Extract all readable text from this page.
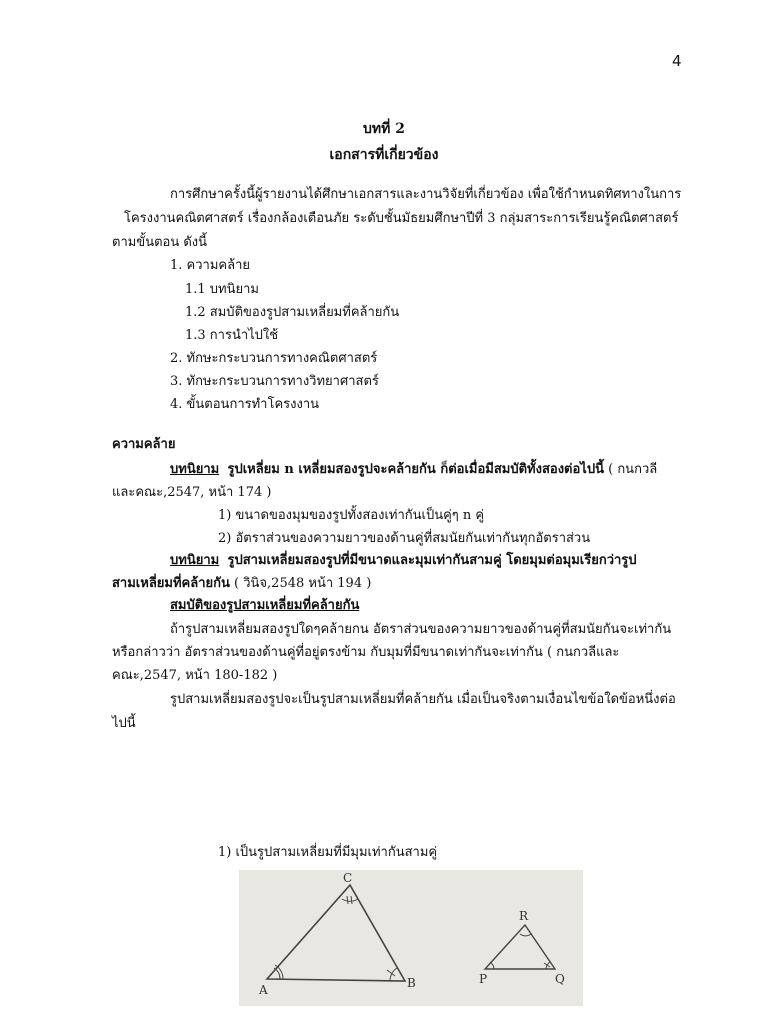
4
บทที่ 2
เอกสารที่เกี่ยวข้อง
การศึกษาครั้งนี้ผู้รายงานได้ศึกษาเอกสารและงานวิจัยที่เกี่ยวข้อง เพื่อใช้กำหนดทิศทางในการ
โครงงานคณิตศาสตร์ เรื่องกล้องเตือนภัย ระดับชั้นมัธยมศึกษาปีที่ 3 กลุ่มสาระการเรียนรู้คณิตศาสตร์
ตามขั้นตอน ดังนี้
1. ความคล้าย
1.1 บทนิยาม
1.2 สมบัติของรูปสามเหลี่ยมที่คล้ายกัน
1.3 การนำไปใช้
2. ทักษะกระบวนการทางคณิตศาสตร์
3. ทักษะกระบวนการทางวิทยาศาสตร์
4. ขั้นตอนการทำโครงงาน
ความคล้าย
บทนิยาม รูปเหลี่ยม n เหลี่ยมสองรูปจะคล้ายกัน ก็ต่อเมื่อมีสมบัติทั้งสองต่อไปนี้ ( กนกวลี
และคณะ,2547, หน้า 174 )
1) ขนาดของมุมของรูปทั้งสองเท่ากันเป็นคู่ๆ n คู่
2) อัตราส่วนของความยาวของด้านคู่ที่สมนัยกันเท่ากันทุกอัตราส่วน
บทนิยาม รูปสามเหลี่ยมสองรูปที่มีขนาดและมุมเท่ากันสามคู่ โดยมุมต่อมุมเรียกว่ารูป
สามเหลี่ยมที่คล้ายกัน ( วินิจ,2548 หน้า 194 )
สมบัติของรูปสามเหลี่ยมที่คล้ายกัน
ถ้ารูปสามเหลี่ยมสองรูปใดๆคล้ายกน อัตราส่วนของความยาวของด้านคู่ที่สมนัยกันจะเท่ากัน
หรือกล่าวว่า อัตราส่วนของด้านคู่ที่อยู่ตรงข้าม กับมุมที่มีขนาดเท่ากันจะเท่ากัน ( กนกวลีและ
คณะ,2547, หน้า 180-182 )
รูปสามเหลี่ยมสองรูปจะเป็นรูปสามเหลี่ยมที่คล้ายกัน เมื่อเป็นจริงตามเงื่อนไขข้อใดข้อหนึ่งต่อ
ไปนี้
1) เป็นรูปสามเหลี่ยมที่มีมุมเท่ากันสามคู่
A	B
C
P	Q
R
